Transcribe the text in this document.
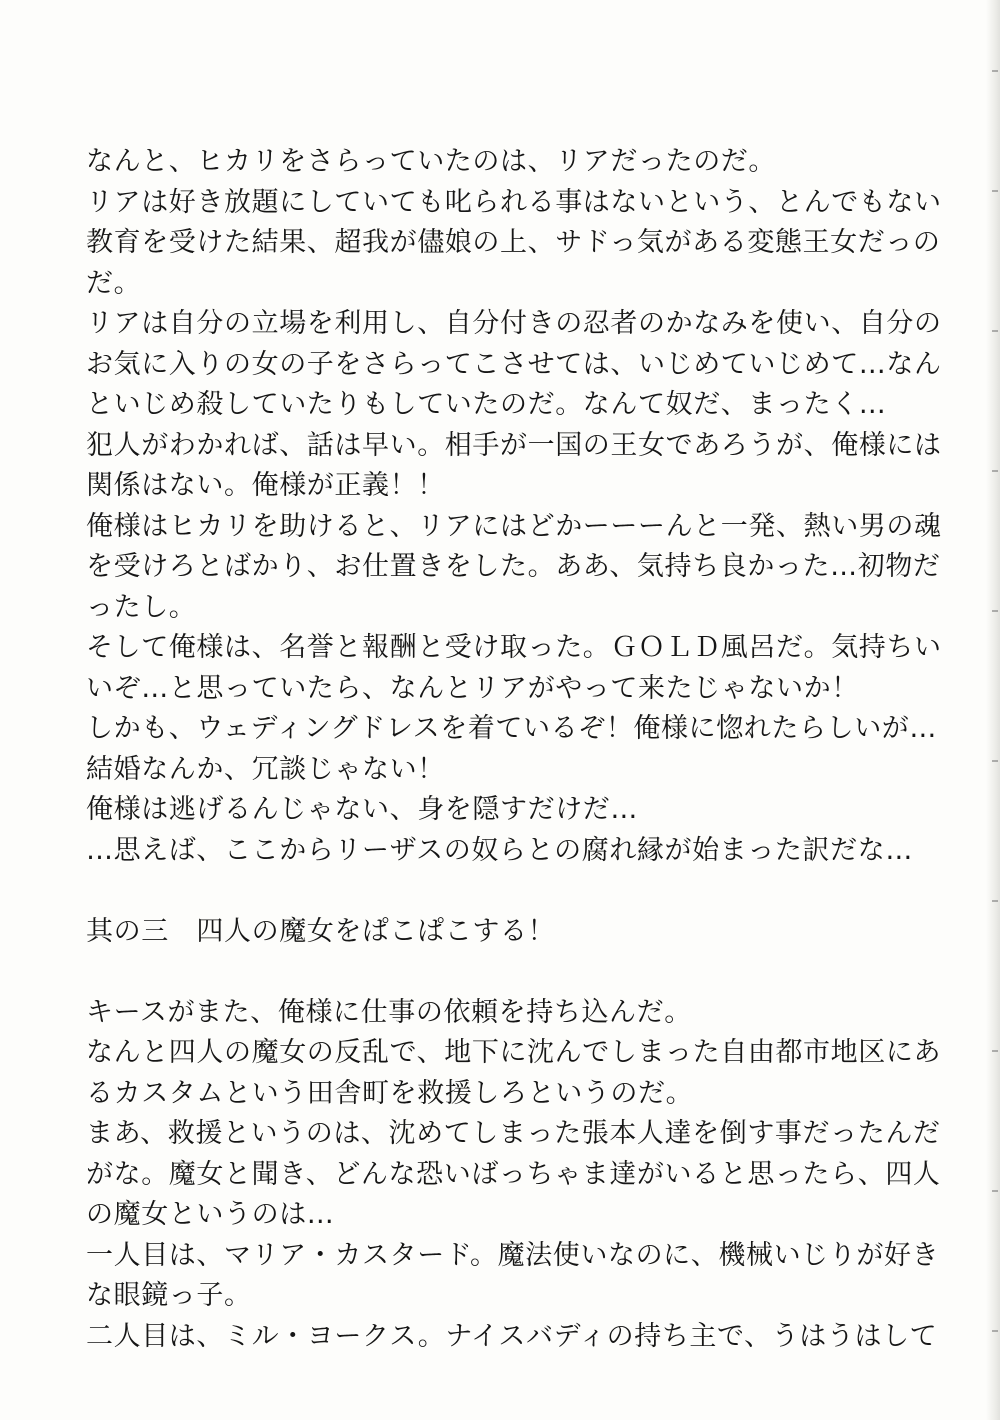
なんと、ヒカリをさらっていたのは、リアだったのだ。
リアは好き放題にしていても叱られる事はないという、とんでもない
教育を受けた結果、超我が儘娘の上、サドっ気がある変態王女だっの
だ。
リアは自分の立場を利用し、自分付きの忍者のかなみを使い、自分の
お気に入りの女の子をさらってこさせては、いじめていじめて…なん
といじめ殺していたりもしていたのだ。なんて奴だ、まったく…
犯人がわかれば、話は早い。相手が一国の王女であろうが、俺様には
関係はない。俺様が正義！！
俺様はヒカリを助けると、リアにはどかーーーんと一発、熱い男の魂
を受けろとばかり、お仕置きをした。ああ、気持ち良かった…初物だ
ったし。
そして俺様は、名誉と報酬と受け取った。ＧＯＬＤ風呂だ。気持ちい
いぞ…と思っていたら、なんとリアがやって来たじゃないか！
しかも、ウェディングドレスを着ているぞ！俺様に惚れたらしいが…
結婚なんか、冗談じゃない！
俺様は逃げるんじゃない、身を隠すだけだ…
…思えば、ここからリーザスの奴らとの腐れ縁が始まった訳だな…
其の三　四人の魔女をぱこぱこする！
キースがまた、俺様に仕事の依頼を持ち込んだ。
なんと四人の魔女の反乱で、地下に沈んでしまった自由都市地区にあ
るカスタムという田舎町を救援しろというのだ。
まあ、救援というのは、沈めてしまった張本人達を倒す事だったんだ
がな。魔女と聞き、どんな恐いばっちゃま達がいると思ったら、四人
の魔女というのは…
一人目は、マリア・カスタード。魔法使いなのに、機械いじりが好き
な眼鏡っ子。
二人目は、ミル・ヨークス。ナイスバディの持ち主で、うはうはして
